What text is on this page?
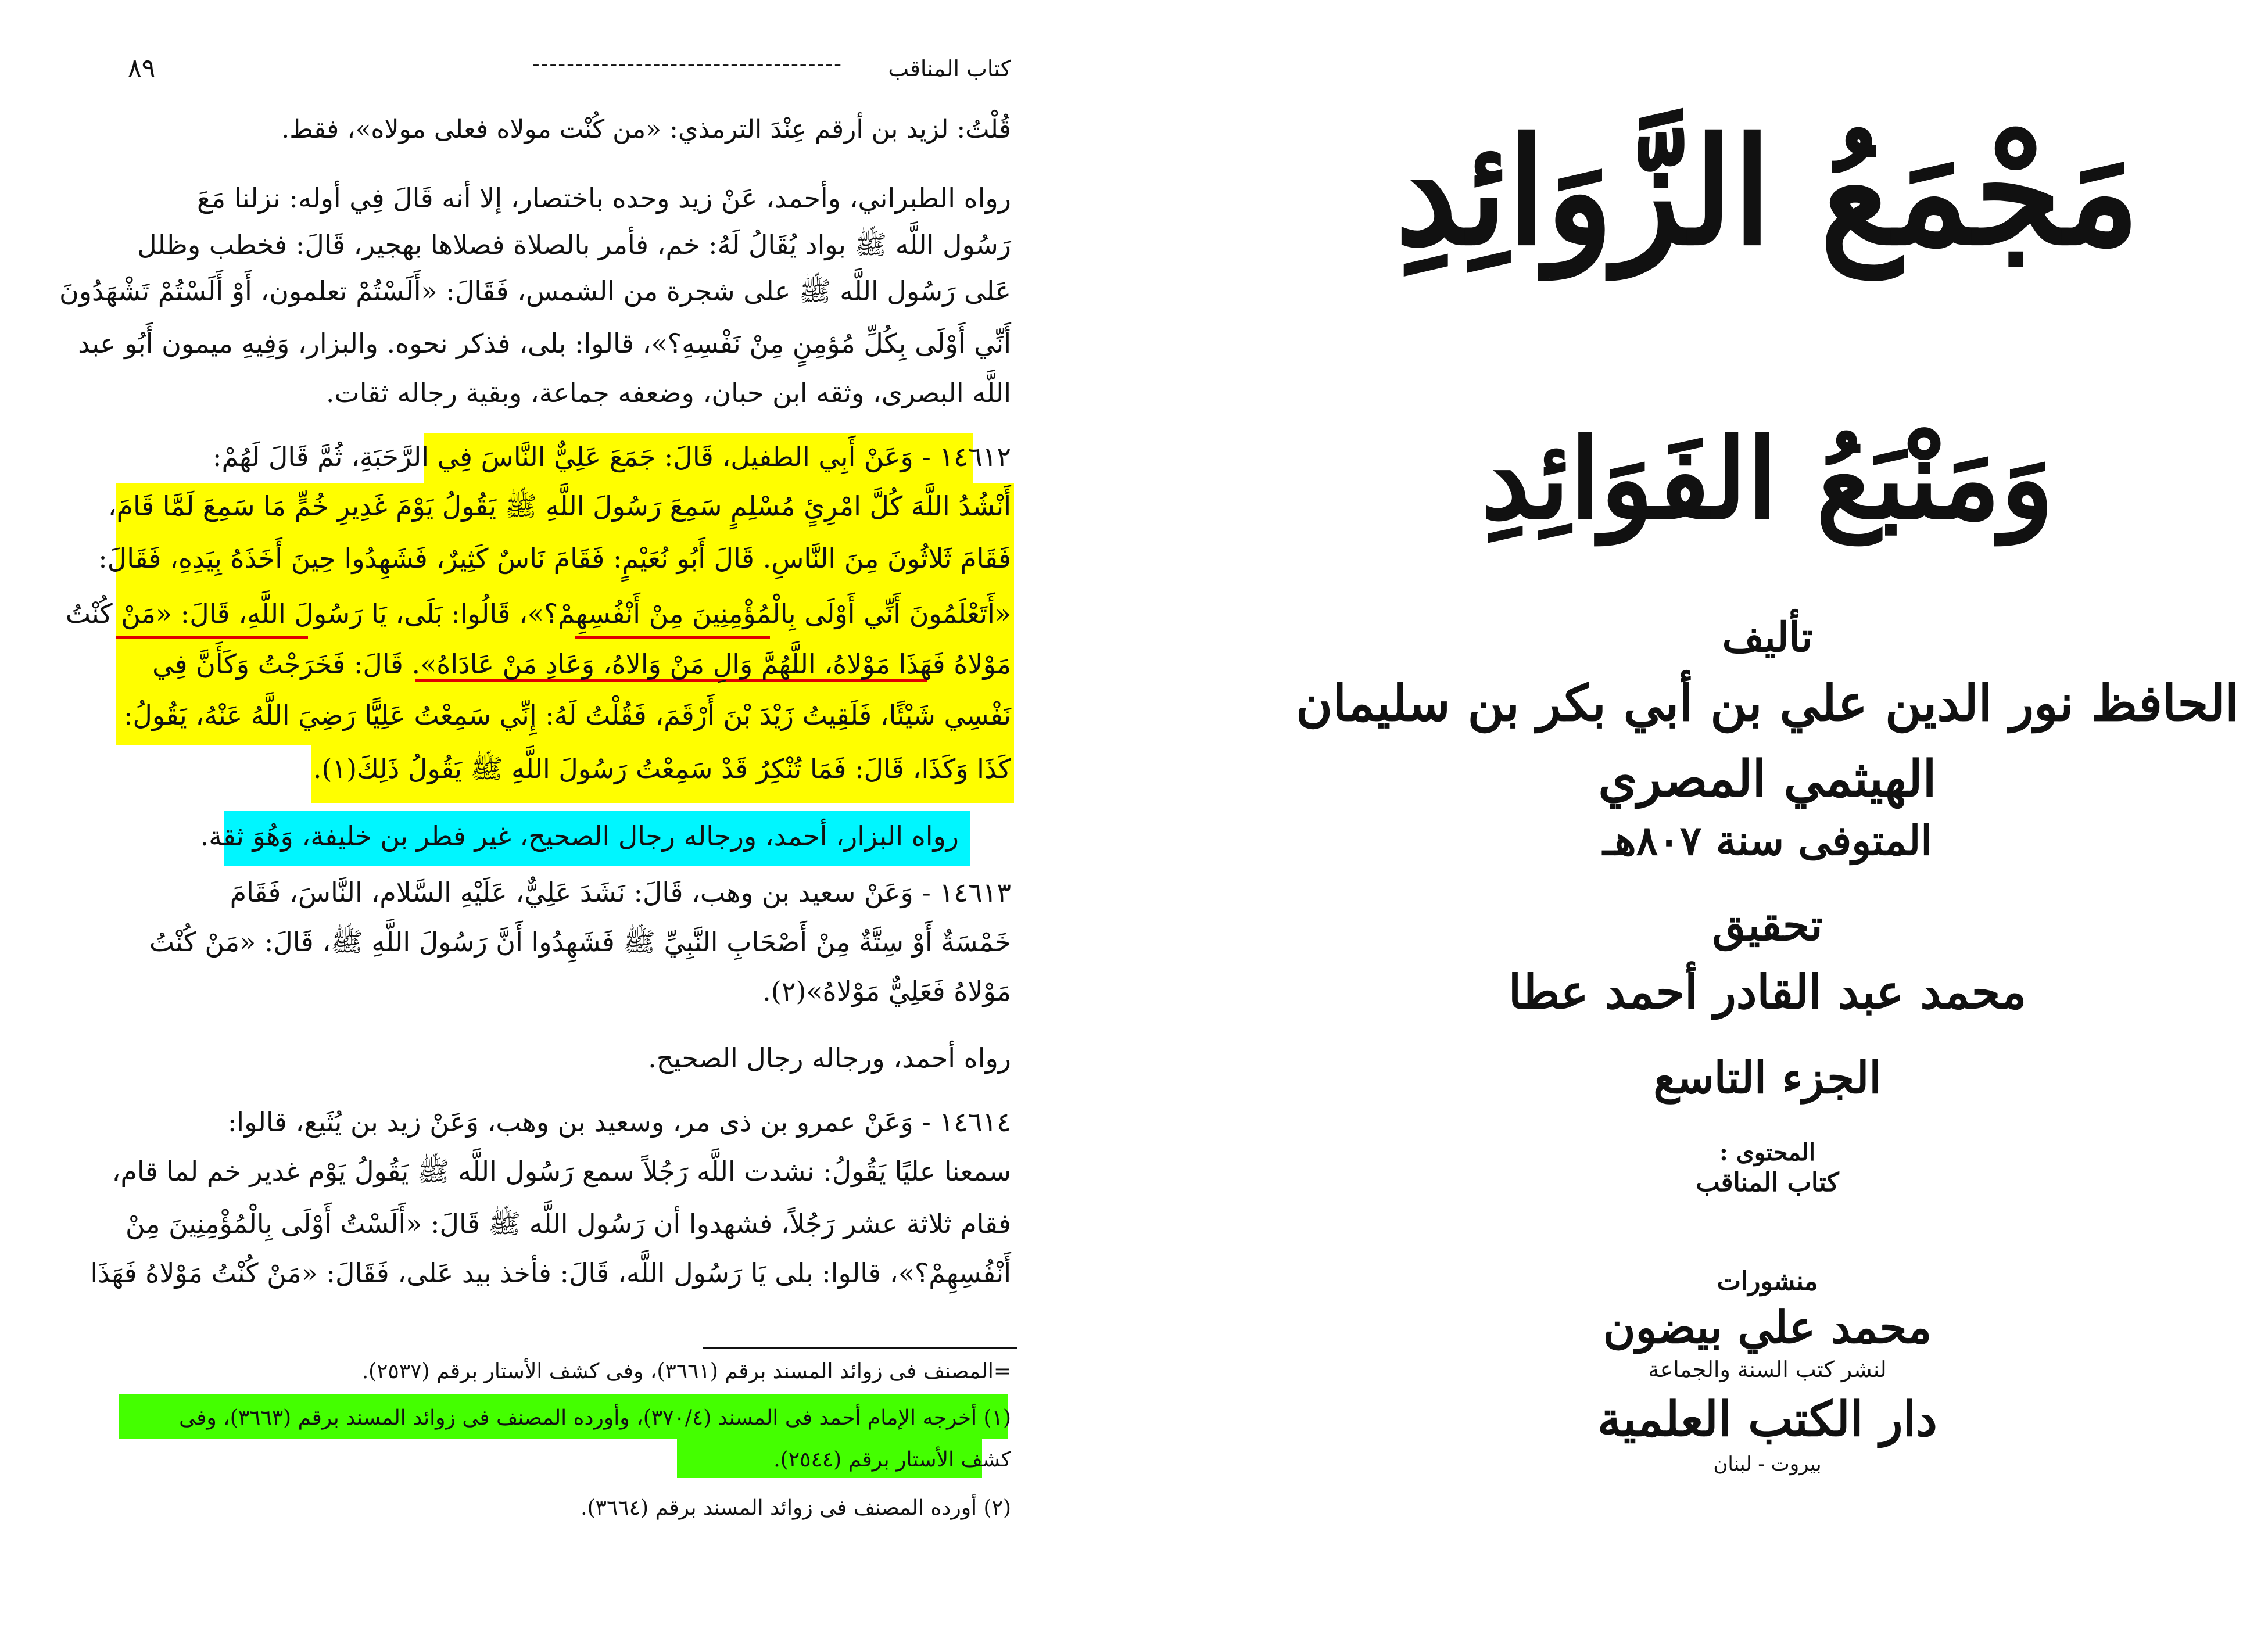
كتاب المناقب
------------------------------------
٨٩
قُلْتُ: لزيد بن أرقم عِنْدَ الترمذي: «من كُنْت مولاه فعلى مولاه»، فقط.
رواه الطبراني، وأحمد، عَنْ زيد وحده باختصار، إلا أنه قَالَ فِي أوله: نزلنا مَعَ
رَسُول اللَّه ﷺ بواد يُقَالُ لَهُ: خم، فأمر بالصلاة فصلاها بهجير، قَالَ: فخطب وظلل
عَلى رَسُول اللَّه ﷺ على شجرة من الشمس، فَقَالَ: «أَلَسْتُمْ تعلمون، أَوْ أَلَسْتُمْ تَشْهَدُونَ
أَنِّي أَوْلَى بِكُلِّ مُؤمِنٍ مِنْ نَفْسِهِ؟»، قالوا: بلى، فذكر نحوه. والبزار، وَفِيهِ ميمون أَبُو عبد
اللَّه البصرى، وثقه ابن حبان، وضعفه جماعة، وبقية رجاله ثقات.
١٤٦١٢ - وَعَنْ أَبِي الطفيل، قَالَ: جَمَعَ عَلِيٌّ النَّاسَ فِي الرَّحَبَةِ، ثُمَّ قَالَ لَهُمْ:
أَنْشُدُ اللَّهَ كُلَّ امْرِئٍ مُسْلِمٍ سَمِعَ رَسُولَ اللَّهِ ﷺ يَقُولُ يَوْمَ غَدِيرِ خُمٍّ مَا سَمِعَ لَمَّا قَامَ،
فَقَامَ ثَلاثُونَ مِنَ النَّاسِ. قَالَ أَبُو نُعَيْمٍ: فَقَامَ نَاسٌ كَثِيرٌ، فَشَهِدُوا حِينَ أَخَذَهُ بِيَدِهِ، فَقَالَ:
«أَتَعْلَمُونَ أَنِّي أَوْلَى بِالْمُؤْمِنِينَ مِنْ أَنْفُسِهِمْ؟»، قَالُوا: بَلَى، يَا رَسُولَ اللَّهِ، قَالَ: «مَنْ كُنْتُ
مَوْلاهُ فَهَذَا مَوْلاهُ، اللَّهُمَّ وَالِ مَنْ وَالاهُ، وَعَادِ مَنْ عَادَاهُ». قَالَ: فَخَرَجْتُ وَكَأَنَّ فِي
نَفْسِي شَيْئًا، فَلَقِيتُ زَيْدَ بْنَ أَرْقَمَ، فَقُلْتُ لَهُ: إِنِّي سَمِعْتُ عَلِيًّا رَضِيَ اللَّهُ عَنْهُ، يَقُولُ:
كَذَا وَكَذَا، قَالَ: فَمَا تُنْكِرُ قَدْ سَمِعْتُ رَسُولَ اللَّهِ ﷺ يَقُولُ ذَلِكَ(١).
رواه البزار، أحمد، ورجاله رجال الصحيح، غير فطر بن خليفة، وَهُوَ ثقة.
١٤٦١٣ - وَعَنْ سعيد بن وهب، قَالَ: نَشَدَ عَلِيٌّ، عَلَيْهِ السَّلام، النَّاسَ، فَقَامَ
خَمْسَةٌ أَوْ سِتَّةٌ مِنْ أَصْحَابِ النَّبِيِّ ﷺ فَشَهِدُوا أَنَّ رَسُولَ اللَّهِ ﷺ، قَالَ: «مَنْ كُنْتُ
مَوْلاهُ فَعَلِيٌّ مَوْلاهُ»(٢).
رواه أحمد، ورجاله رجال الصحيح.
١٤٦١٤ - وَعَنْ عمرو بن ذى مر، وسعيد بن وهب، وَعَنْ زيد بن يُثَيع، قالوا:
سمعنا عليًا يَقُولُ: نشدت اللَّه رَجُلاً سمع رَسُول اللَّه ﷺ يَقُولُ يَوْم غدير خم لما قام،
فقام ثلاثة عشر رَجُلاً، فشهدوا أن رَسُول اللَّه ﷺ قَالَ: «أَلَسْتُ أَوْلَى بِالْمُؤْمِنِينَ مِنْ
أَنْفُسِهِمْ؟»، قالوا: بلى يَا رَسُول اللَّه، قَالَ: فأخذ بيد عَلى، فَقَالَ: «مَنْ كُنْتُ مَوْلاهُ فَهَذَا
=المصنف فى زوائد المسند برقم (٣٦٦١)، وفى كشف الأستار برقم (٢٥٣٧).
(١) أخرجه الإمام أحمد فى المسند (٣٧٠/٤)، وأورده المصنف فى زوائد المسند برقم (٣٦٦٣)، وفى
كشف الأستار برقم (٢٥٤٤).
(٢) أورده المصنف فى زوائد المسند برقم (٣٦٦٤).
مَجْمَعُ الزَّوَائِدِ
وَمَنْبَعُ الفَوَائِدِ
تأليف
الحافظ نور الدين علي بن أبي بكر بن سليمان
الهيثمي المصري
المتوفى سنة ٨٠٧هـ
تحقيق
محمد عبد القادر أحمد عطا
الجزء التاسع
المحتوى :
كتاب المناقب
منشورات
محمد علي بيضون
لنشر كتب السنة والجماعة
دار الكتب العلمية
بيروت - لبنان
